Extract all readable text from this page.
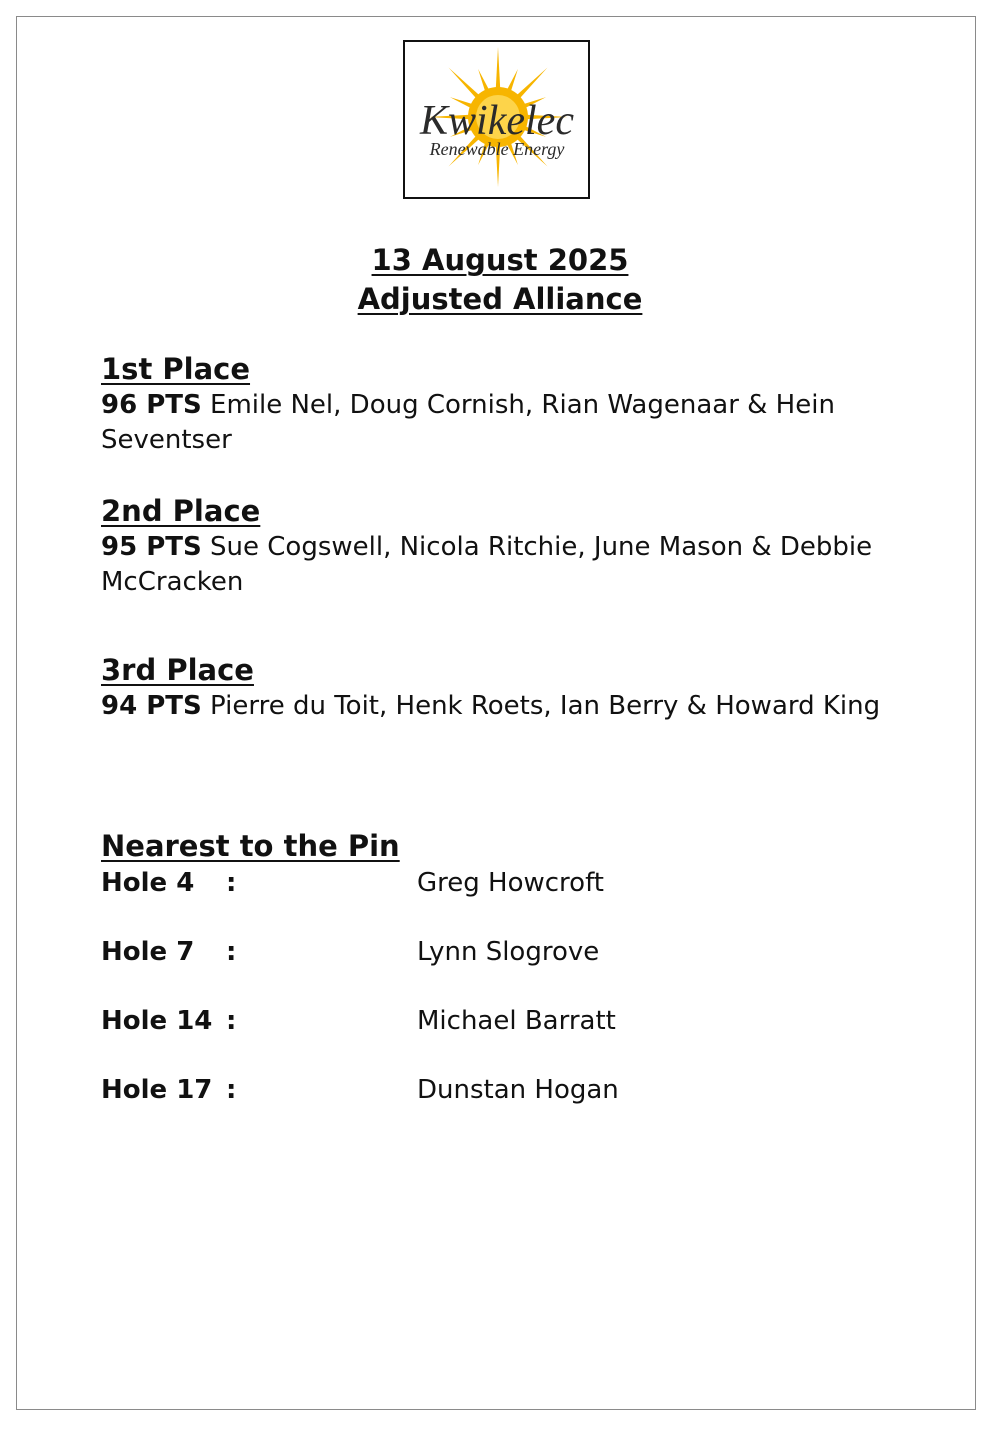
Kwikelec
Renewable Energy
13 August 2025
Adjusted Alliance
1st Place
96 PTS Emile Nel, Doug Cornish, Rian Wagenaar & Hein Seventser
2nd Place
95 PTS Sue Cogswell, Nicola Ritchie, June Mason & Debbie McCracken
3rd Place
94 PTS Pierre du Toit, Henk Roets, Ian Berry & Howard King
Nearest to the Pin
Hole 4 :	Greg Howcroft
Hole 7 :	Lynn Slogrove
Hole 14 :	Michael Barratt
Hole 17 :	Dunstan Hogan
